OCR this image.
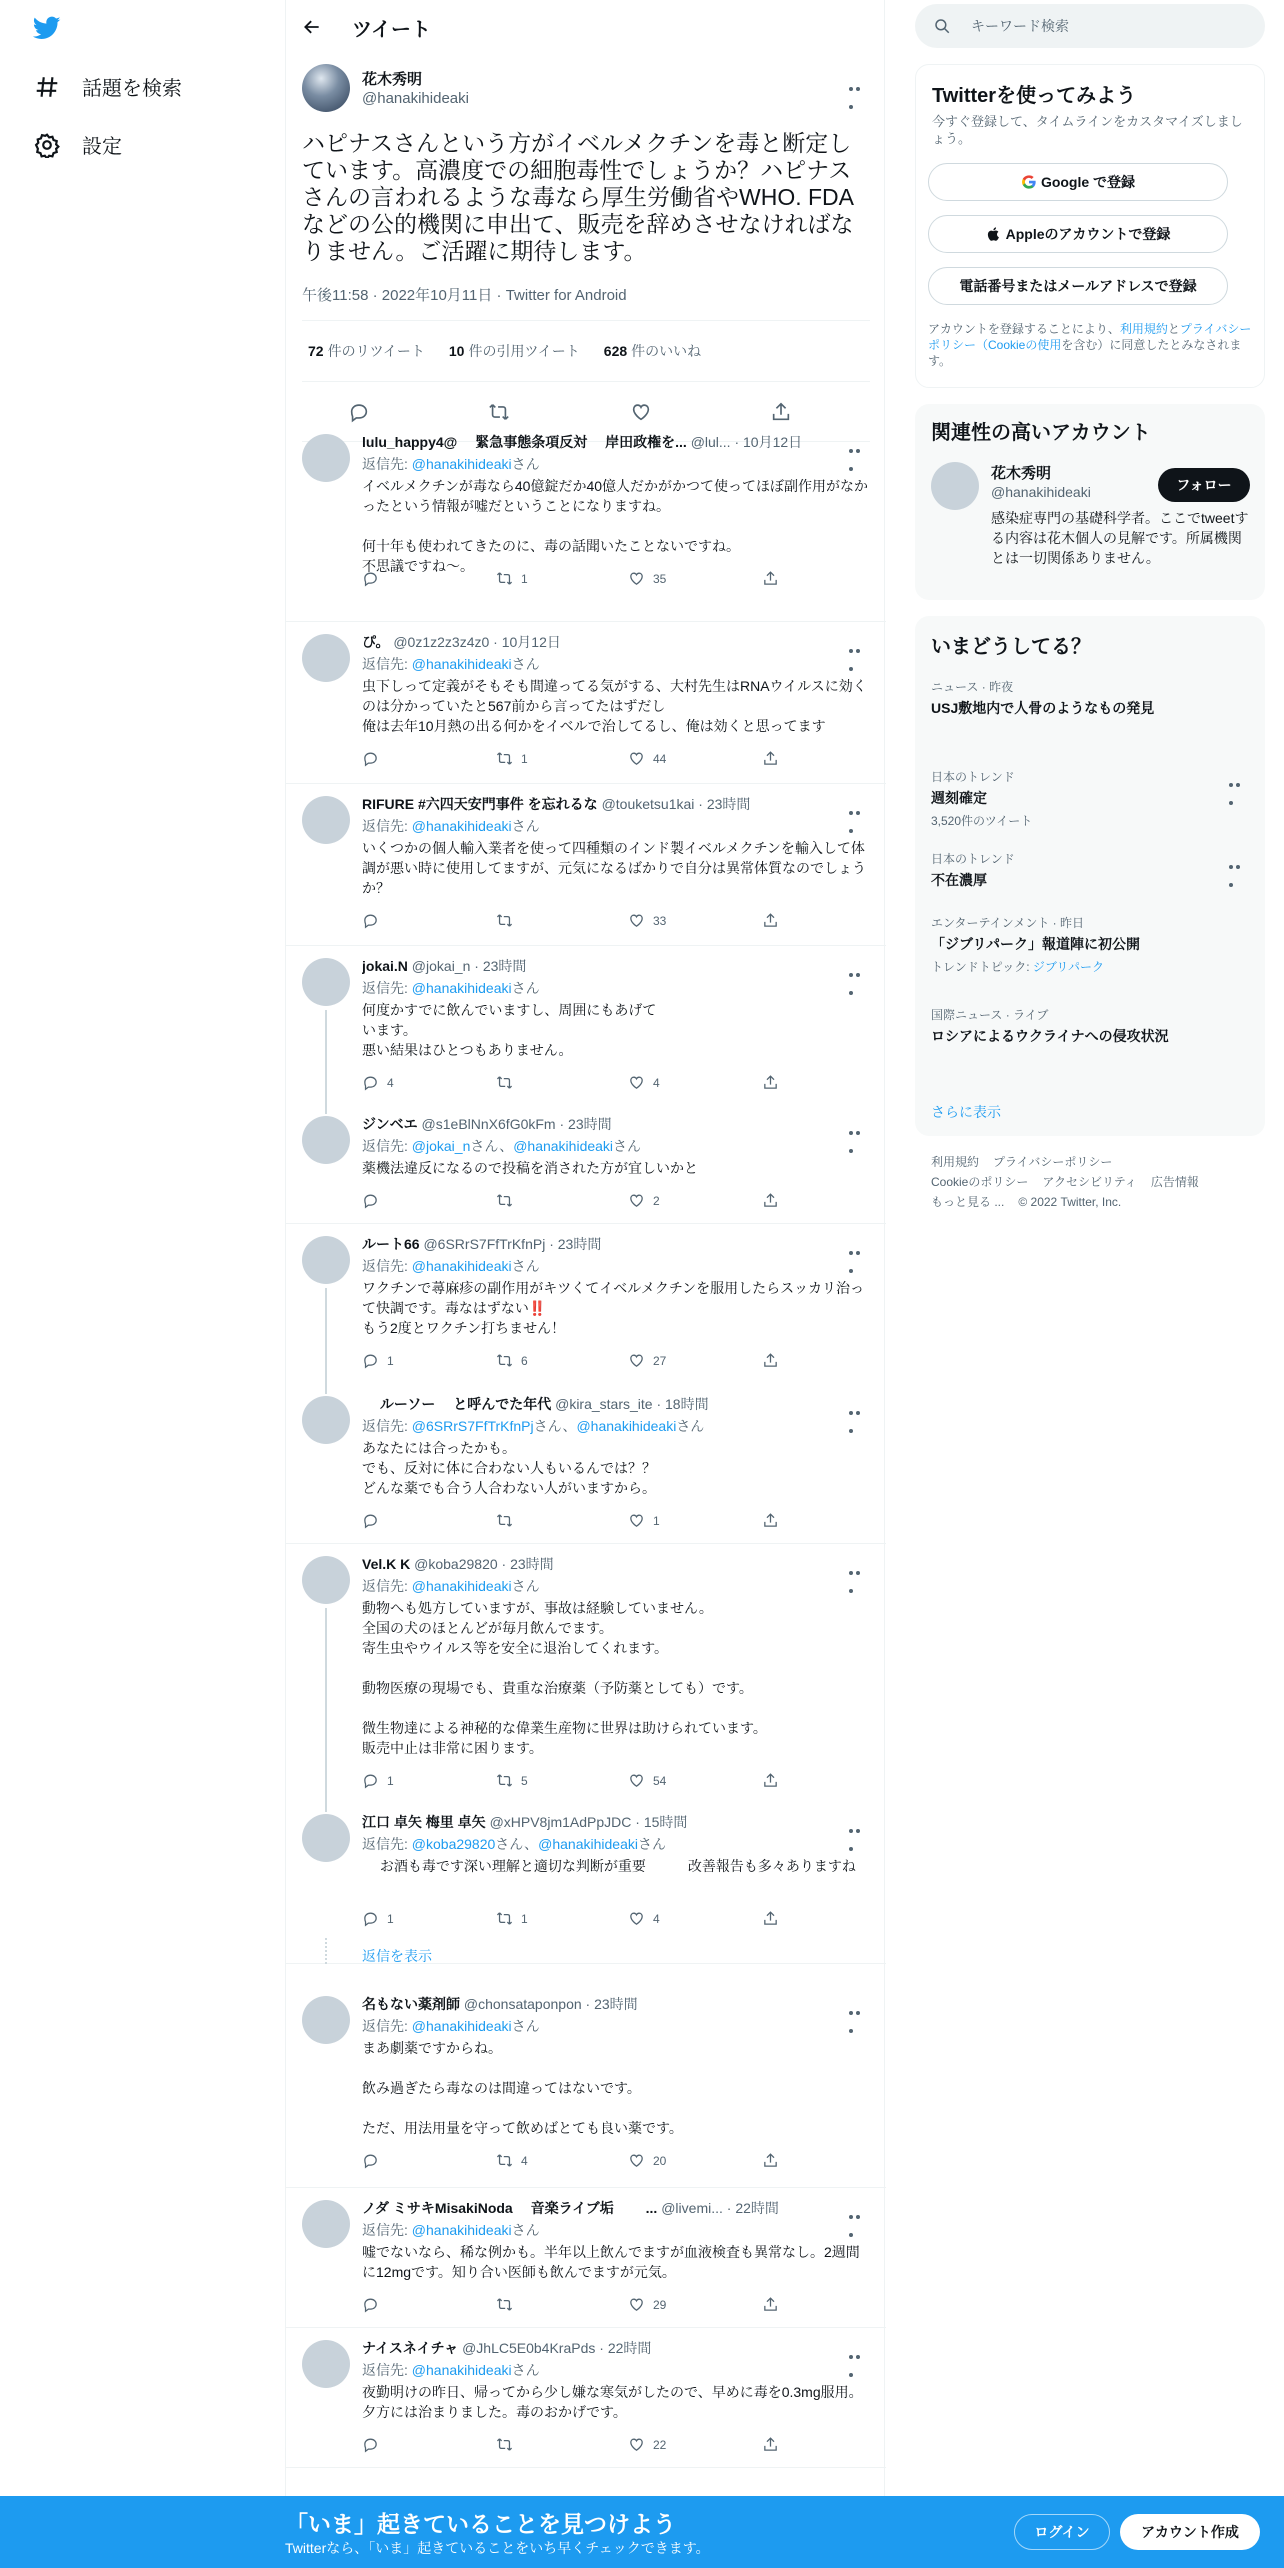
話題を検索
設定
ツイート
花木秀明
@hanakihideaki
ハピナスさんという方がイベルメクチンを毒と断定しています。高濃度での細胞毒性でしょうか？ハピナスさんの言われるような毒なら厚生労働省やWHO. FDAなどの公的機関に申出て、販売を辞めさせなければなりません。ご活躍に期待します。
午後11:58 · 2022年10月11日 · Twitter for Android
72 件のリツイート	10 件の引用ツイート	628 件のいいね
lulu_happy4@　 緊急事態条項反対　 岸田政権を... @lul... · 10月12日
返信先: @hanakihideakiさん
イベルメクチンが毒なら40億錠だか40億人だかがかつて使ってほぼ副作用がなかったという情報が嘘だということになりますね。

何十年も使われてきたのに、毒の話聞いたことないですね。
不思議ですね〜。
1	35
ぴ。 @0z1z2z3z4z0 · 10月12日
返信先: @hanakihideakiさん
虫下しって定義がそもそも間違ってる気がする、大村先生はRNAウイルスに効くのは分かっていたと567前から言ってたはずだし
俺は去年10月熱の出る何かをイベルで治してるし、俺は効くと思ってます
1	44
RIFURE #六四天安門事件 を忘れるな @touketsu1kai · 23時間
返信先: @hanakihideakiさん
いくつかの個人輸入業者を使って四種類のインド製イベルメクチンを輸入して体調が悪い時に使用してますが、元気になるばかりで自分は異常体質なのでしょうか？
33
jokai.N @jokai_n · 23時間
返信先: @hanakihideakiさん
何度かすでに飲んでいますし、周囲にもあげて
います。
悪い結果はひとつもありません。
4	4
ジンベエ @s1eBlNnX6fG0kFm · 23時間
返信先: @jokai_nさん、@hanakihideakiさん
薬機法違反になるので投稿を消された方が宜しいかと
2
ルート66 @6SRrS7FfTrKfnPj · 23時間
返信先: @hanakihideakiさん
ワクチンで蕁麻疹の副作用がキツくてイベルメクチンを服用したらスッカリ治って快調です。毒なはずない‼️
もう2度とワクチン打ちません！
1	6	27
　 ルーソー　 と呼んでた年代 @kira_stars_ite · 18時間
返信先: @6SRrS7FfTrKfnPjさん、@hanakihideakiさん
あなたには合ったかも。
でも、反対に体に合わない人もいるんでは？？
どんな薬でも合う人合わない人がいますから。
1
Vel.K K @koba29820 · 23時間
返信先: @hanakihideakiさん
動物へも処方していますが、事故は経験していません。
全国の犬のほとんどが毎月飲んでます。
寄生虫やウイルス等を安全に退治してくれます。

動物医療の現場でも、貴重な治療薬（予防薬としても）です。

微生物達による神秘的な偉業生産物に世界は助けられています。
販売中止は非常に困ります。
1	5	54
江口 卓矢 梅里 卓矢 @xHPV8jm1AdPpJDC · 15時間
返信先: @koba29820さん、@hanakihideakiさん
　 お酒も毒です深い理解と適切な判断が重要　　　改善報告も多々ありますね
1	1	4
返信を表示
名もない薬剤師 @chonsataponpon · 23時間
返信先: @hanakihideakiさん
まあ劇薬ですからね。

飲み過ぎたら毒なのは間違ってはないです。

ただ、用法用量を守って飲めばとても良い薬です。
4	20
ノダ ミサキMisakiNoda　 音楽ライブ垢　　 ... @livemi... · 22時間
返信先: @hanakihideakiさん
嘘でないなら、稀な例かも。半年以上飲んでますが血液検査も異常なし。2週間に12mgです。知り合い医師も飲んでますが元気。
29
ナイスネイチャ @JhLC5E0b4KraPds · 22時間
返信先: @hanakihideakiさん
夜勤明けの昨日、帰ってから少し嫌な寒気がしたので、早めに毒を0.3mg服用。
夕方には治まりました。毒のおかげです。
22
キーワード検索
Twitterを使ってみよう
今すぐ登録して、タイムラインをカスタマイズしましょう。
Google で登録
Appleのアカウントで登録
電話番号またはメールアドレスで登録
アカウントを登録することにより、利用規約とプライバシーポリシー（Cookieの使用を含む）に同意したとみなされます。
関連性の高いアカウント
花木秀明
@hanakihideaki	フォロー
感染症専門の基礎科学者。ここでtweetする内容は花木個人の見解です。所属機関とは一切関係ありません。
いまどうしてる？
ニュース · 昨夜
USJ敷地内で人骨のようなもの発見
日本のトレンド
週刻確定
3,520件のツイート
日本のトレンド
不在濃厚
エンターテインメント · 昨日
「ジブリパーク」報道陣に初公開
トレンドトピック: ジブリパーク
国際ニュース · ライブ
ロシアによるウクライナへの侵攻状況
さらに表示
利用規約 プライバシーポリシー
Cookieのポリシー アクセシビリティ 広告情報
もっと見る ... © 2022 Twitter, Inc.
「いま」起きていることを見つけよう
Twitterなら、「いま」起きていることをいち早くチェックできます。
ログイン	アカウント作成
